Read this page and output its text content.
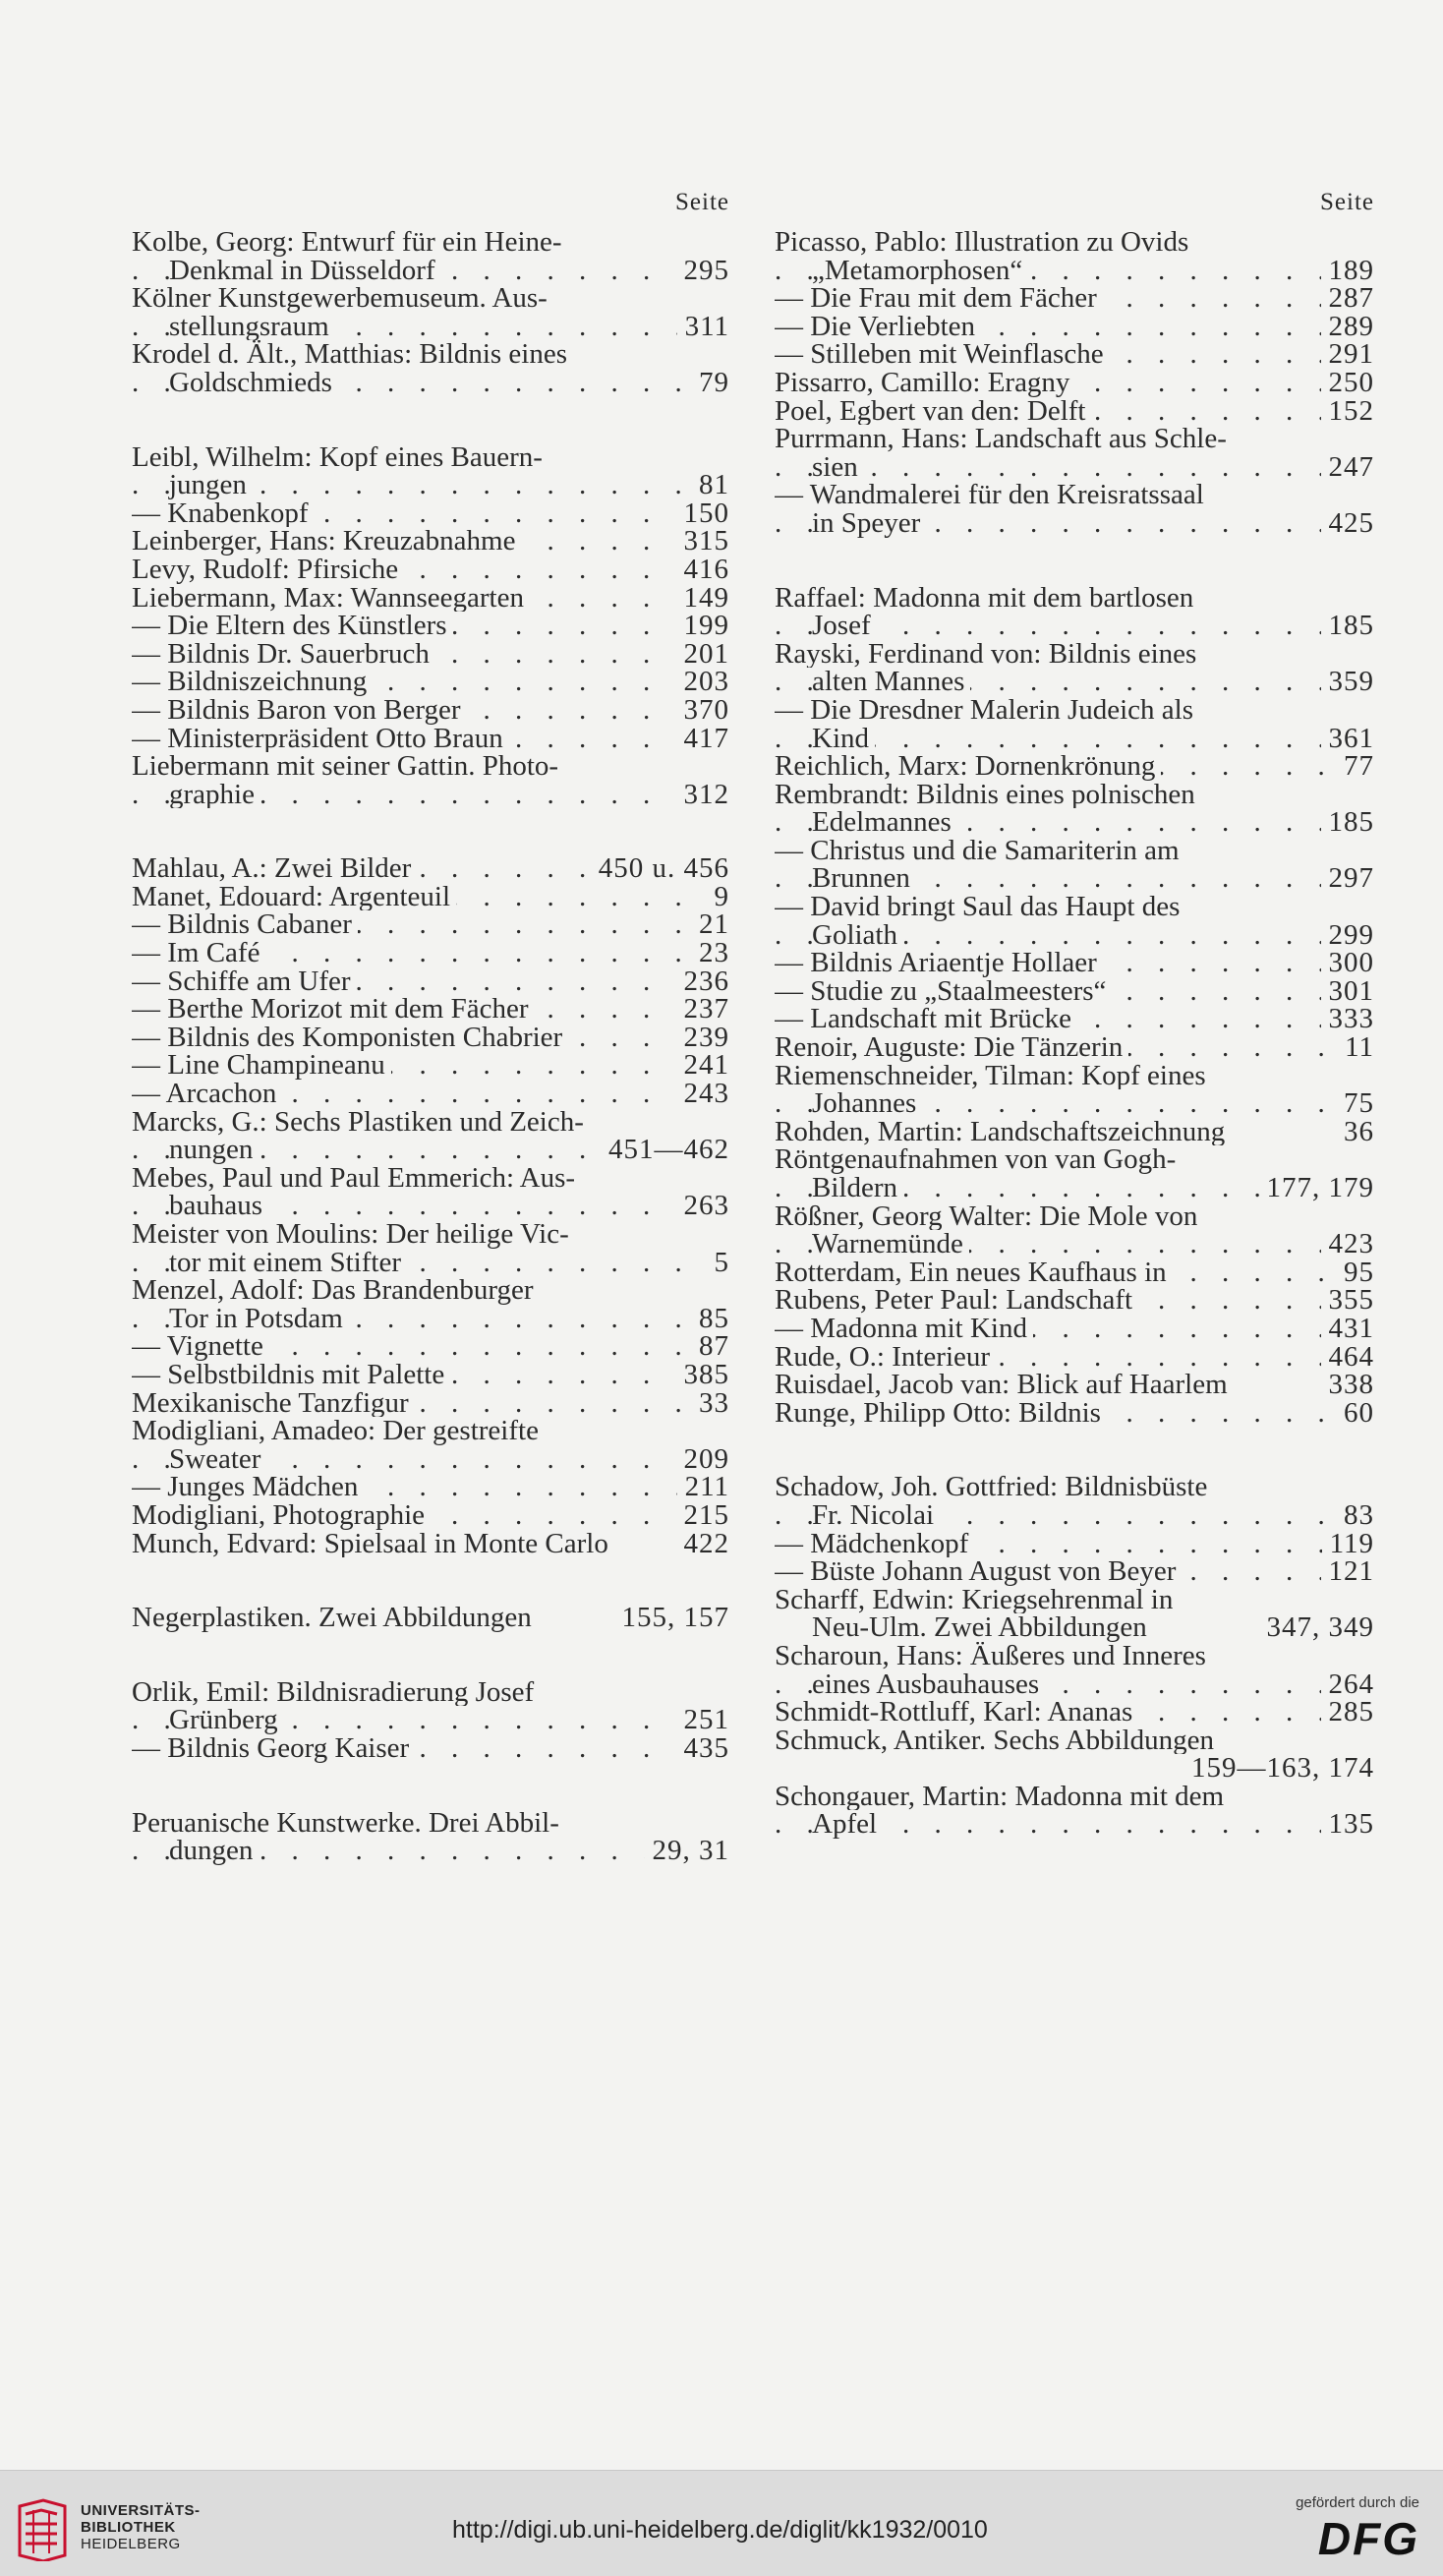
Seite
Kolbe, Georg: Entwurf für ein Heine-
. . . Denkmal in Düsseldorf	295
Kölner Kunstgewerbemuseum. Aus-
. . . stellungsraum	311
Krodel d. Ält., Matthias: Bildnis eines
. . . Goldschmieds	79
Leibl, Wilhelm: Kopf eines Bauern-
. . . jungen	81
. . . — Knabenkopf	150
. . . Leinberger, Hans: Kreuzabnahme	315
. . . Levy, Rudolf: Pfirsiche	416
. . . Liebermann, Max: Wannseegarten	149
. . . — Die Eltern des Künstlers	199
. . . — Bildnis Dr. Sauerbruch	201
. . . — Bildniszeichnung	203
. . . — Bildnis Baron von Berger	370
. . . — Ministerpräsident Otto Braun	417
Liebermann mit seiner Gattin. Photo-
. . . graphie	312
. . . Mahlau, A.: Zwei Bilder	450 u. 456
. . . Manet, Edouard: Argenteuil	9
. . . — Bildnis Cabaner	21
. . . — Im Café	23
. . . — Schiffe am Ufer	236
. . . — Berthe Morizot mit dem Fächer	237
. . . — Bildnis des Komponisten Chabrier	239
. . . — Line Champineanu	241
. . . — Arcachon	243
Marcks, G.: Sechs Plastiken und Zeich-
. . . nungen	451—462
Mebes, Paul und Paul Emmerich: Aus-
. . . bauhaus	263
Meister von Moulins: Der heilige Vic-
. . . tor mit einem Stifter	5
Menzel, Adolf: Das Brandenburger
. . . Tor in Potsdam	85
. . . — Vignette	87
. . . — Selbstbildnis mit Palette	385
. . . Mexikanische Tanzfigur	33
Modigliani, Amadeo: Der gestreifte
. . . Sweater	209
. . . — Junges Mädchen	211
. . . Modigliani, Photographie	215
Munch, Edvard: Spielsaal in Monte Carlo	422
Negerplastiken. Zwei Abbildungen	155, 157
Orlik, Emil: Bildnisradierung Josef
. . . Grünberg	251
. . . — Bildnis Georg Kaiser	435
Peruanische Kunstwerke. Drei Abbil-
. . . dungen	29, 31
Seite
Picasso, Pablo: Illustration zu Ovids
. . . „Metamorphosen“	189
. . . — Die Frau mit dem Fächer	287
. . . — Die Verliebten	289
. . . — Stilleben mit Weinflasche	291
. . . Pissarro, Camillo: Eragny	250
. . . Poel, Egbert van den: Delft	152
Purrmann, Hans: Landschaft aus Schle-
. . . sien	247
— Wandmalerei für den Kreisratssaal
. . . in Speyer	425
Raffael: Madonna mit dem bartlosen
. . . Josef	185
Rayski, Ferdinand von: Bildnis eines
. . . alten Mannes	359
— Die Dresdner Malerin Judeich als
. . . Kind	361
. . . Reichlich, Marx: Dornenkrönung	77
Rembrandt: Bildnis eines polnischen
. . . Edelmannes	185
— Christus und die Samariterin am
. . . Brunnen	297
— David bringt Saul das Haupt des
. . . Goliath	299
. . . — Bildnis Ariaentje Hollaer	300
. . . — Studie zu „Staalmeesters“	301
. . . — Landschaft mit Brücke	333
. . . Renoir, Auguste: Die Tänzerin	11
Riemenschneider, Tilman: Kopf eines
. . . Johannes	75
Rohden, Martin: Landschaftszeichnung	36
Röntgenaufnahmen von van Gogh-
. . . Bildern	177, 179
Rößner, Georg Walter: Die Mole von
. . . Warnemünde	423
. . . Rotterdam, Ein neues Kaufhaus in	95
. . . Rubens, Peter Paul: Landschaft	355
. . . — Madonna mit Kind	431
. . . Rude, O.: Interieur	464
Ruisdael, Jacob van: Blick auf Haarlem	338
. . . Runge, Philipp Otto: Bildnis	60
Schadow, Joh. Gottfried: Bildnisbüste
. . . Fr. Nicolai	83
. . . — Mädchenkopf	119
. . . — Büste Johann August von Beyer	121
Scharff, Edwin: Kriegsehrenmal in
Neu-Ulm. Zwei Abbildungen	347, 349
Scharoun, Hans: Äußeres und Inneres
. . . eines Ausbauhauses	264
. . . Schmidt-Rottluff, Karl: Ananas	285
Schmuck, Antiker. Sechs Abbildungen
159—163, 174
Schongauer, Martin: Madonna mit dem
. . . Apfel	135
UNIVERSITÄTS-
BIBLIOTHEK
HEIDELBERG
http://digi.ub.uni-heidelberg.de/diglit/kk1932/0010
gefördert durch die
DFG
